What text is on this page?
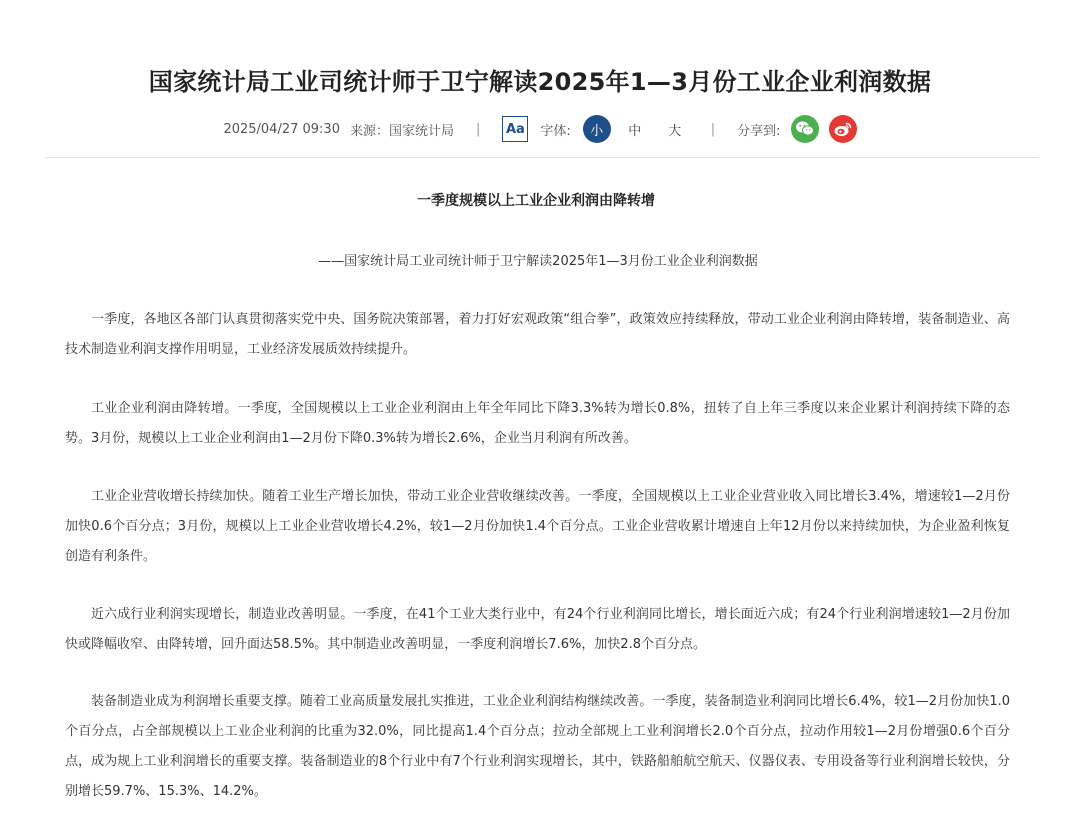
国家统计局工业司统计师于卫宁解读2025年1—3月份工业企业利润数据
2025/04/27 09:30 来源：国家统计局 | Aa 字体:	小	中	大	| 分享到:
一季度规模以上工业企业利润由降转增
——国家统计局工业司统计师于卫宁解读2025年1—3月份工业企业利润数据

一季度，各地区各部门认真贯彻落实党中央、国务院决策部署，着力打好宏观政策“组合拳”，政策效应持续释放，带动工业企业利润由降转增，装备制造业、高技术制造业利润支撑作用明显，工业经济发展质效持续提升。

工业企业利润由降转增。一季度，全国规模以上工业企业利润由上年全年同比下降3.3%转为增长0.8%，扭转了自上年三季度以来企业累计利润持续下降的态势。3月份，规模以上工业企业利润由1—2月份下降0.3%转为增长2.6%，企业当月利润有所改善。

工业企业营收增长持续加快。随着工业生产增长加快，带动工业企业营收继续改善。一季度，全国规模以上工业企业营业收入同比增长3.4%，增速较1—2月份加快0.6个百分点；3月份，规模以上工业企业营收增长4.2%，较1—2月份加快1.4个百分点。工业企业营收累计增速自上年12月份以来持续加快，为企业盈利恢复创造有利条件。

近六成行业利润实现增长，制造业改善明显。一季度，在41个工业大类行业中，有24个行业利润同比增长，增长面近六成；有24个行业利润增速较1—2月份加快或降幅收窄、由降转增，回升面达58.5%。其中制造业改善明显，一季度利润增长7.6%，加快2.8个百分点。

装备制造业成为利润增长重要支撑。随着工业高质量发展扎实推进，工业企业利润结构继续改善。一季度，装备制造业利润同比增长6.4%，较1—2月份加快1.0个百分点，占全部规模以上工业企业利润的比重为32.0%，同比提高1.4个百分点；拉动全部规上工业利润增长2.0个百分点，拉动作用较1—2月份增强0.6个百分点，成为规上工业利润增长的重要支撑。装备制造业的8个行业中有7个行业利润实现增长，其中，铁路船舶航空航天、仪器仪表、专用设备等行业利润增长较快，分别增长59.7%、15.3%、14.2%。
